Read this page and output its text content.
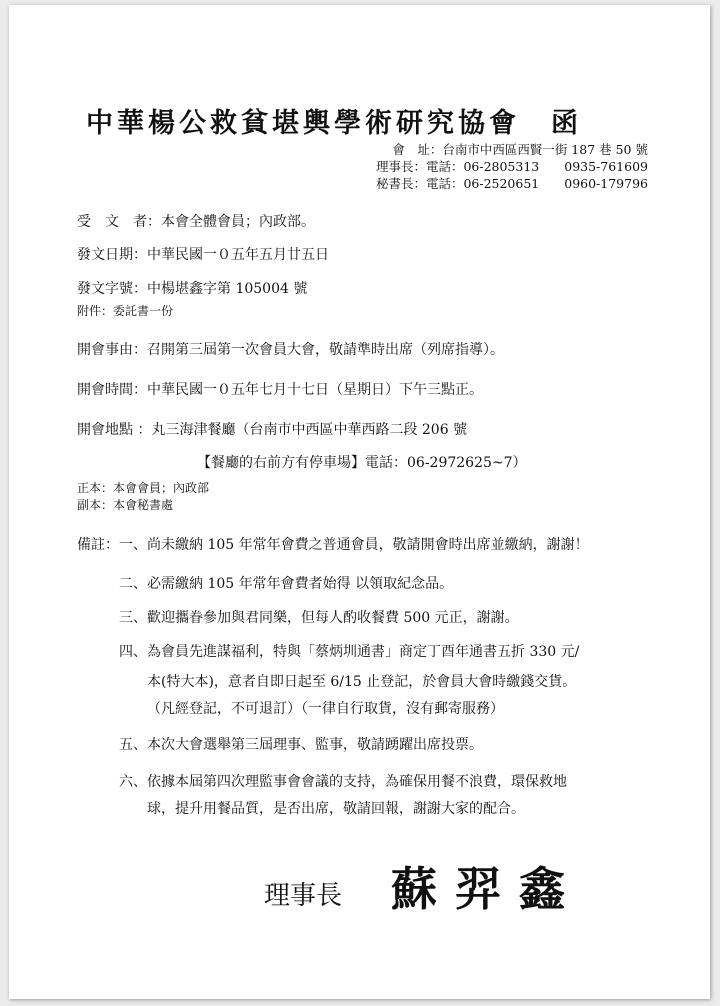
中華楊公救貧堪輿學術研究協會　函
會　址：台南市中西區西賢一街 187 巷 50 號
理事長：電話：06-2805313　　0935-761609
秘書長：電話：06-2520651　　0960-179796
受　文　者：本會全體會員；內政部。
發文日期：中華民國一０五年五月廿五日
發文字號：中楊堪鑫字第 105004 號
附件：委託書一份
開會事由：召開第三屆第一次會員大會，敬請準時出席（列席指導）。
開會時間：中華民國一０五年七月十七日（星期日）下午三點正。
開會地點 ：丸三海津餐廳（台南市中西區中華西路二段 206 號
【餐廳的右前方有停車場】電話：06-2972625~7）
正本：本會會員；內政部
副本：本會秘書處
備註： 一、尚未繳納 105 年常年會費之普通會員，敬請開會時出席並繳納，謝謝！
二、必需繳納 105 年常年會費者始得 以領取紀念品。
三、歡迎攜眷參加與君同樂，但每人酌收餐費 500 元正，謝謝。
四、為會員先進謀福利，特與「蔡炳圳通書」商定丁酉年通書五折 330 元/
本(特大本)，意者自即日起至 6/15 止登記，於會員大會時繳錢交貨。
（凡經登記，不可退訂）（一律自行取貨，沒有郵寄服務）
五、本次大會選舉第三屆理事、監事，敬請踴躍出席投票。
六、依據本屆第四次理監事會會議的支持，為確保用餐不浪費，環保救地
球，提升用餐品質，是否出席，敬請回報，謝謝大家的配合。
理事長 蘇羿鑫
